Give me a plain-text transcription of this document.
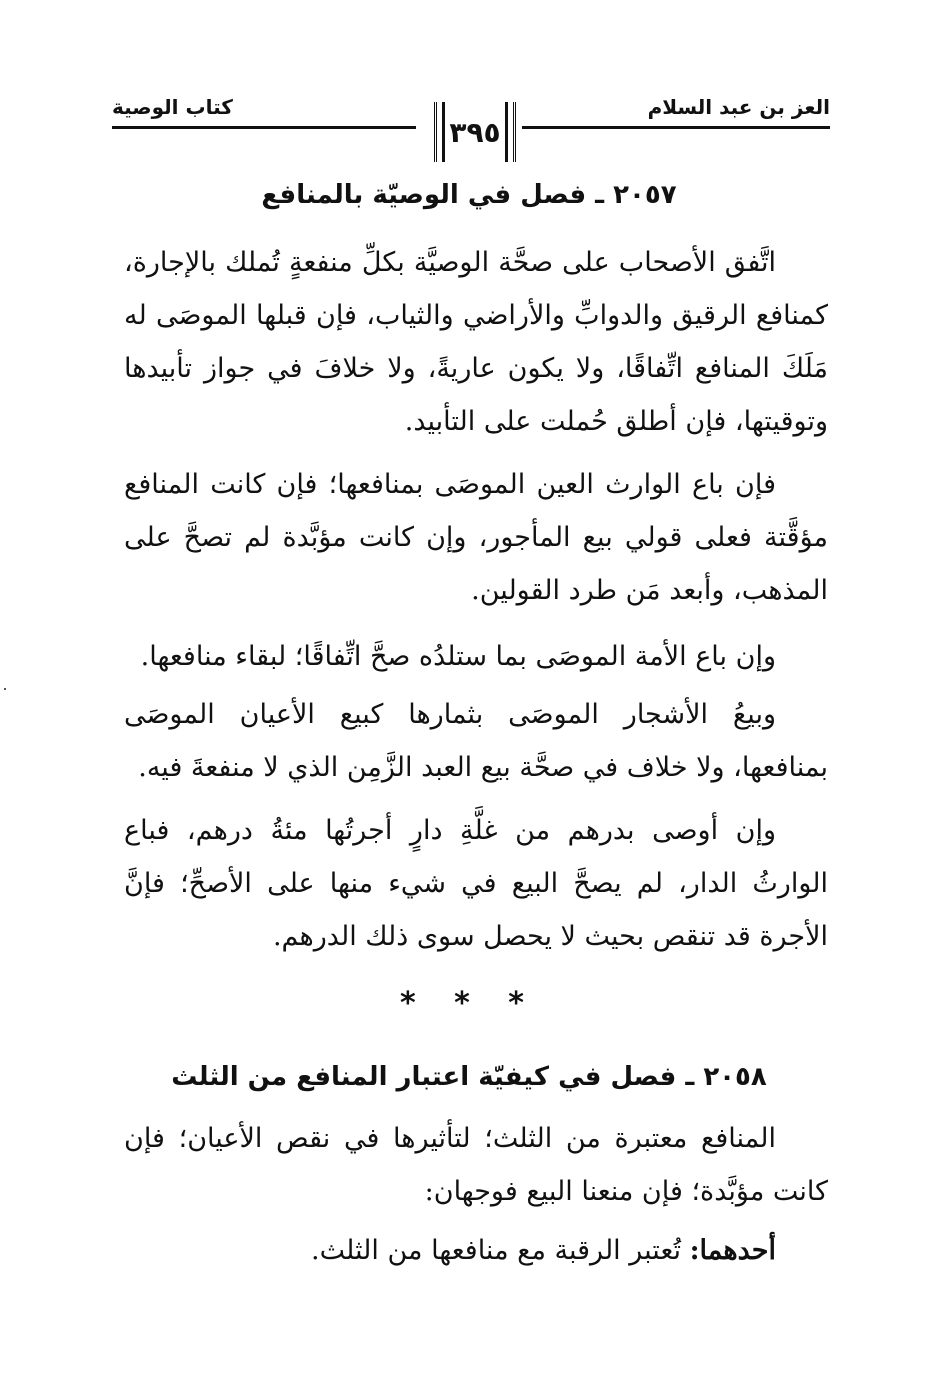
العز بن عبد السلام
كتاب الوصية
٣٩٥
٢٠٥٧ ـ فصل في الوصيّة بالمنافع
اتَّفق الأصحاب على صحَّة الوصيَّة بكلِّ منفعةٍ تُملك بالإجارة، كمنافع الرقيق والدوابِّ والأراضي والثياب، فإن قبلها الموصَى له مَلَكَ المنافع اتِّفاقًا، ولا يكون عاريةً، ولا خلافَ في جواز تأبيدها وتوقيتها، فإن أطلق حُملت على التأبيد.
فإن باع الوارث العين الموصَى بمنافعها؛ فإن كانت المنافع مؤقَّتة فعلى قولي بيع المأجور، وإن كانت مؤبَّدة لم تصحَّ على المذهب، وأبعد مَن طرد القولين.
وإن باع الأمة الموصَى بما ستلدُه صحَّ اتِّفاقًا؛ لبقاء منافعها.
وبيعُ الأشجار الموصَى بثمارها كبيع الأعيان الموصَى بمنافعها، ولا خلاف في صحَّة بيع العبد الزَّمِن الذي لا منفعةَ فيه.
وإن أوصى بدرهم من غلَّةِ دارٍ أجرتُها مئةُ درهم، فباع الوارثُ الدار، لم يصحَّ البيع في شيء منها على الأصحِّ؛ فإنَّ الأجرة قد تنقص بحيث لا يحصل سوى ذلك الدرهم.
* * *
٢٠٥٨ ـ فصل في كيفيّة اعتبار المنافع من الثلث
المنافع معتبرة من الثلث؛ لتأثيرها في نقص الأعيان؛ فإن كانت مؤبَّدة؛ فإن منعنا البيع فوجهان:
أحدهما: تُعتبر الرقبة مع منافعها من الثلث.
